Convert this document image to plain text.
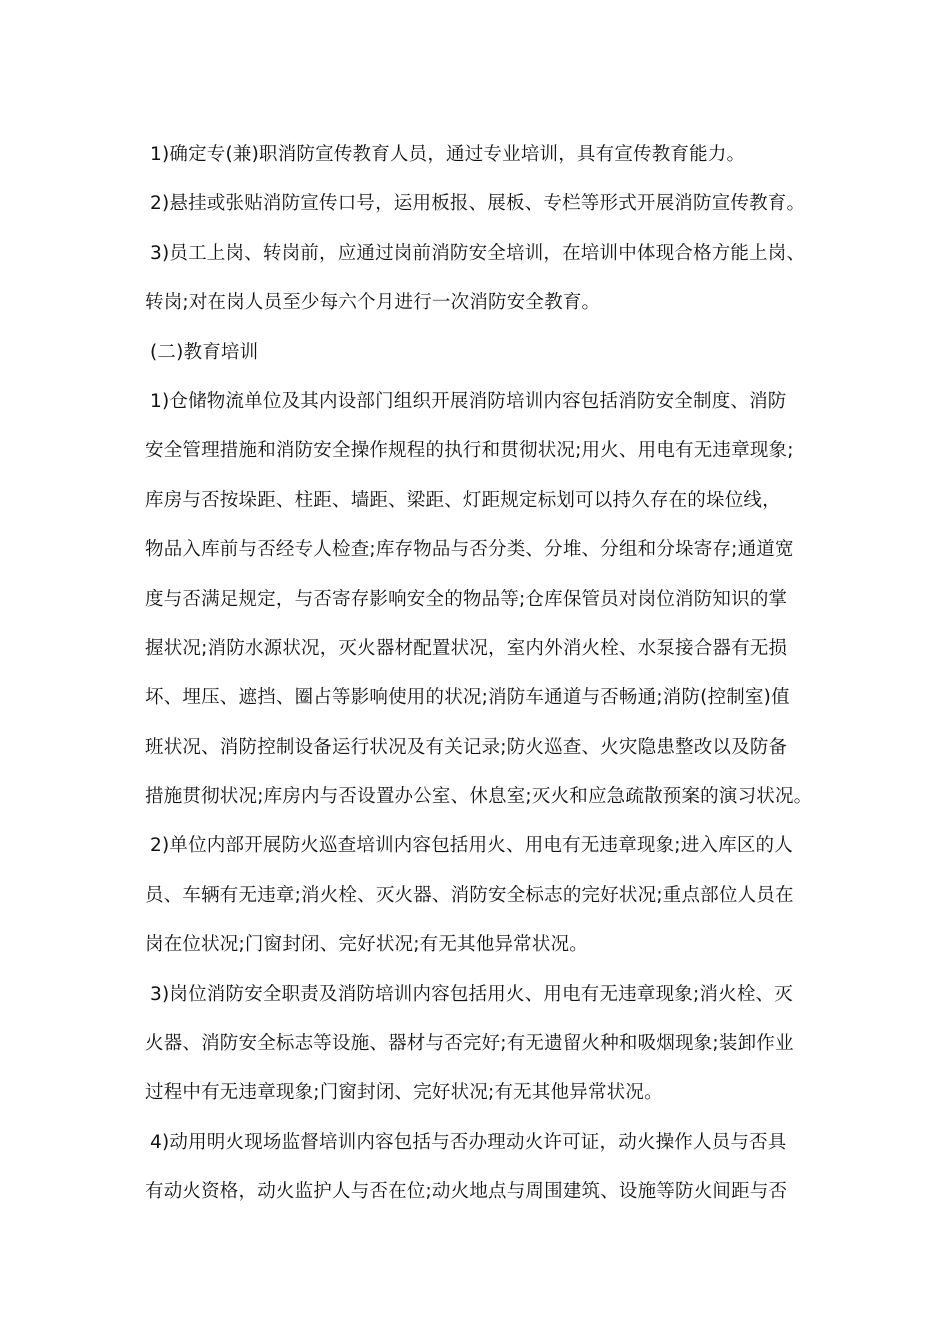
1)确定专(兼)职消防宣传教育人员，通过专业培训，具有宣传教育能力。
2)悬挂或张贴消防宣传口号，运用板报、展板、专栏等形式开展消防宣传教育。
3)员工上岗、转岗前，应通过岗前消防安全培训，在培训中体现合格方能上岗、
转岗;对在岗人员至少每六个月进行一次消防安全教育。
(二)教育培训
1)仓储物流单位及其内设部门组织开展消防培训内容包括消防安全制度、消防
安全管理措施和消防安全操作规程的执行和贯彻状况;用火、用电有无违章现象;
库房与否按垛距、柱距、墙距、梁距、灯距规定标划可以持久存在的垛位线，
物品入库前与否经专人检查;库存物品与否分类、分堆、分组和分垛寄存;通道宽
度与否满足规定，与否寄存影响安全的物品等;仓库保管员对岗位消防知识的掌
握状况;消防水源状况，灭火器材配置状况，室内外消火栓、水泵接合器有无损
坏、埋压、遮挡、圈占等影响使用的状况;消防车通道与否畅通;消防(控制室)值
班状况、消防控制设备运行状况及有关记录;防火巡查、火灾隐患整改以及防备
措施贯彻状况;库房内与否设置办公室、休息室;灭火和应急疏散预案的演习状况。
2)单位内部开展防火巡查培训内容包括用火、用电有无违章现象;进入库区的人
员、车辆有无违章;消火栓、灭火器、消防安全标志的完好状况;重点部位人员在
岗在位状况;门窗封闭、完好状况;有无其他异常状况。
3)岗位消防安全职责及消防培训内容包括用火、用电有无违章现象;消火栓、灭
火器、消防安全标志等设施、器材与否完好;有无遗留火种和吸烟现象;装卸作业
过程中有无违章现象;门窗封闭、完好状况;有无其他异常状况。
4)动用明火现场监督培训内容包括与否办理动火许可证，动火操作人员与否具
有动火资格，动火监护人与否在位;动火地点与周围建筑、设施等防火间距与否
